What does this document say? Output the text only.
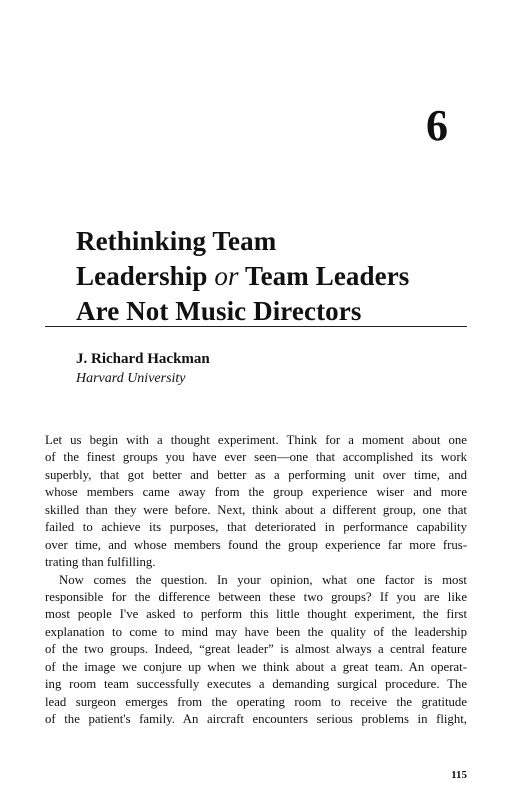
6
Rethinking Team
Leadership or Team Leaders
Are Not Music Directors
J. Richard Hackman
Harvard University
Let us begin with a thought experiment. Think for a moment about one
of the finest groups you have ever seen—one that accomplished its work
superbly, that got better and better as a performing unit over time, and
whose members came away from the group experience wiser and more
skilled than they were before. Next, think about a different group, one that
failed to achieve its purposes, that deteriorated in performance capability
over time, and whose members found the group experience far more frus-
trating than fulfilling.
Now comes the question. In your opinion, what one factor is most
responsible for the difference between these two groups? If you are like
most people I've asked to perform this little thought experiment, the first
explanation to come to mind may have been the quality of the leadership
of the two groups. Indeed, “great leader” is almost always a central feature
of the image we conjure up when we think about a great team. An operat-
ing room team successfully executes a demanding surgical procedure. The
lead surgeon emerges from the operating room to receive the gratitude
of the patient's family. An aircraft encounters serious problems in flight,
115
